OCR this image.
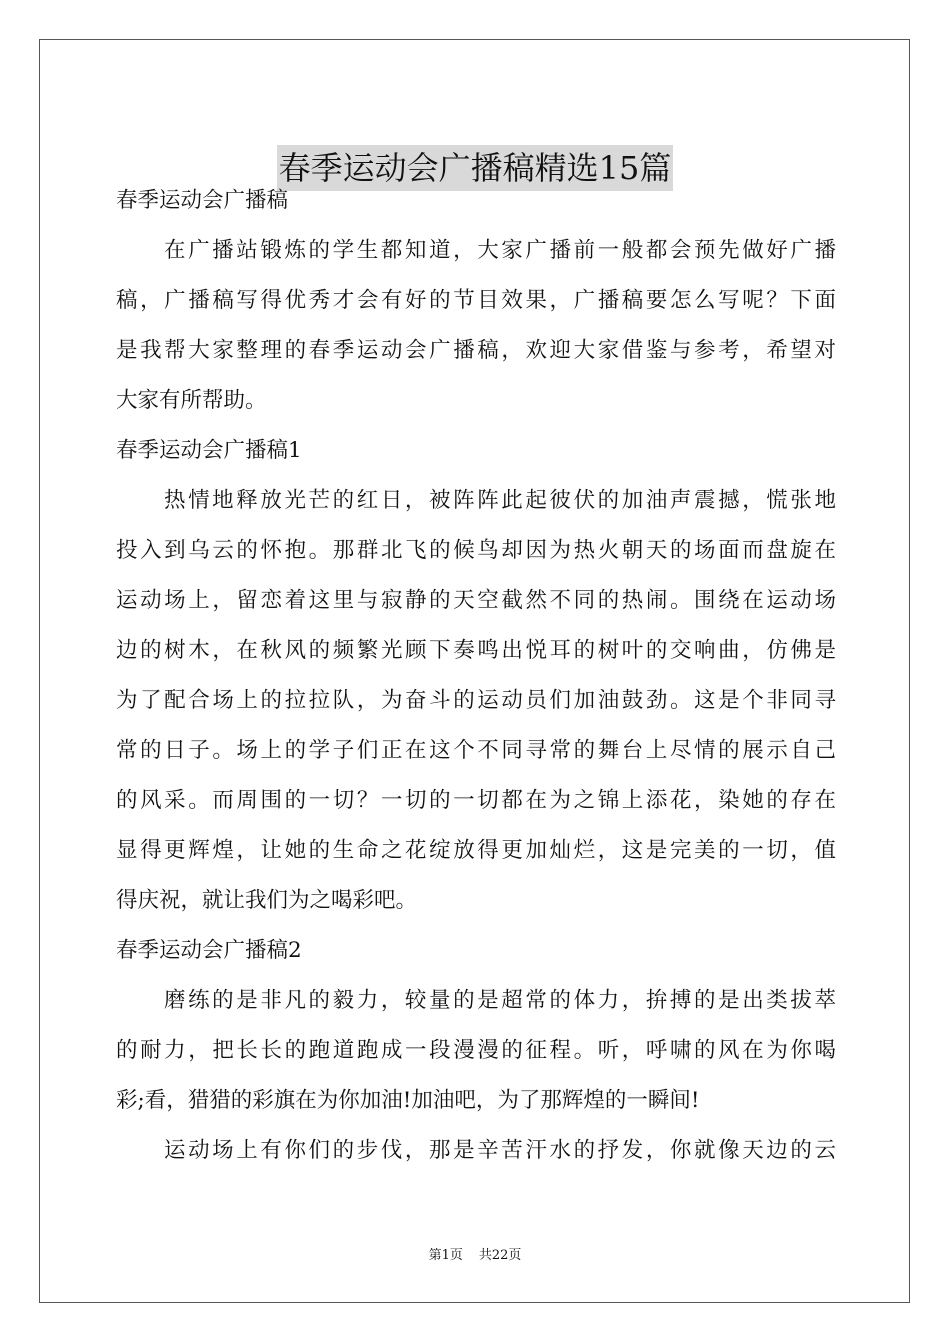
春季运动会广播稿精选15篇
春季运动会广播稿
在广播站锻炼的学生都知道，大家广播前一般都会预先做好广播
稿，广播稿写得优秀才会有好的节目效果，广播稿要怎么写呢？下面
是我帮大家整理的春季运动会广播稿，欢迎大家借鉴与参考，希望对
大家有所帮助。
春季运动会广播稿1
热情地释放光芒的红日，被阵阵此起彼伏的加油声震撼，慌张地
投入到乌云的怀抱。那群北飞的候鸟却因为热火朝天的场面而盘旋在
运动场上，留恋着这里与寂静的天空截然不同的热闹。围绕在运动场
边的树木，在秋风的频繁光顾下奏鸣出悦耳的树叶的交响曲，仿佛是
为了配合场上的拉拉队，为奋斗的运动员们加油鼓劲。这是个非同寻
常的日子。场上的学子们正在这个不同寻常的舞台上尽情的展示自己
的风采。而周围的一切？一切的一切都在为之锦上添花，染她的存在
显得更辉煌，让她的生命之花绽放得更加灿烂，这是完美的一切，值
得庆祝，就让我们为之喝彩吧。
春季运动会广播稿2
磨练的是非凡的毅力，较量的是超常的体力，拚搏的是出类拔萃
的耐力，把长长的跑道跑成一段漫漫的征程。听，呼啸的风在为你喝
彩;看，猎猎的彩旗在为你加油!加油吧，为了那辉煌的一瞬间!
运动场上有你们的步伐，那是辛苦汗水的抒发，你就像天边的云
第1页 共22页
